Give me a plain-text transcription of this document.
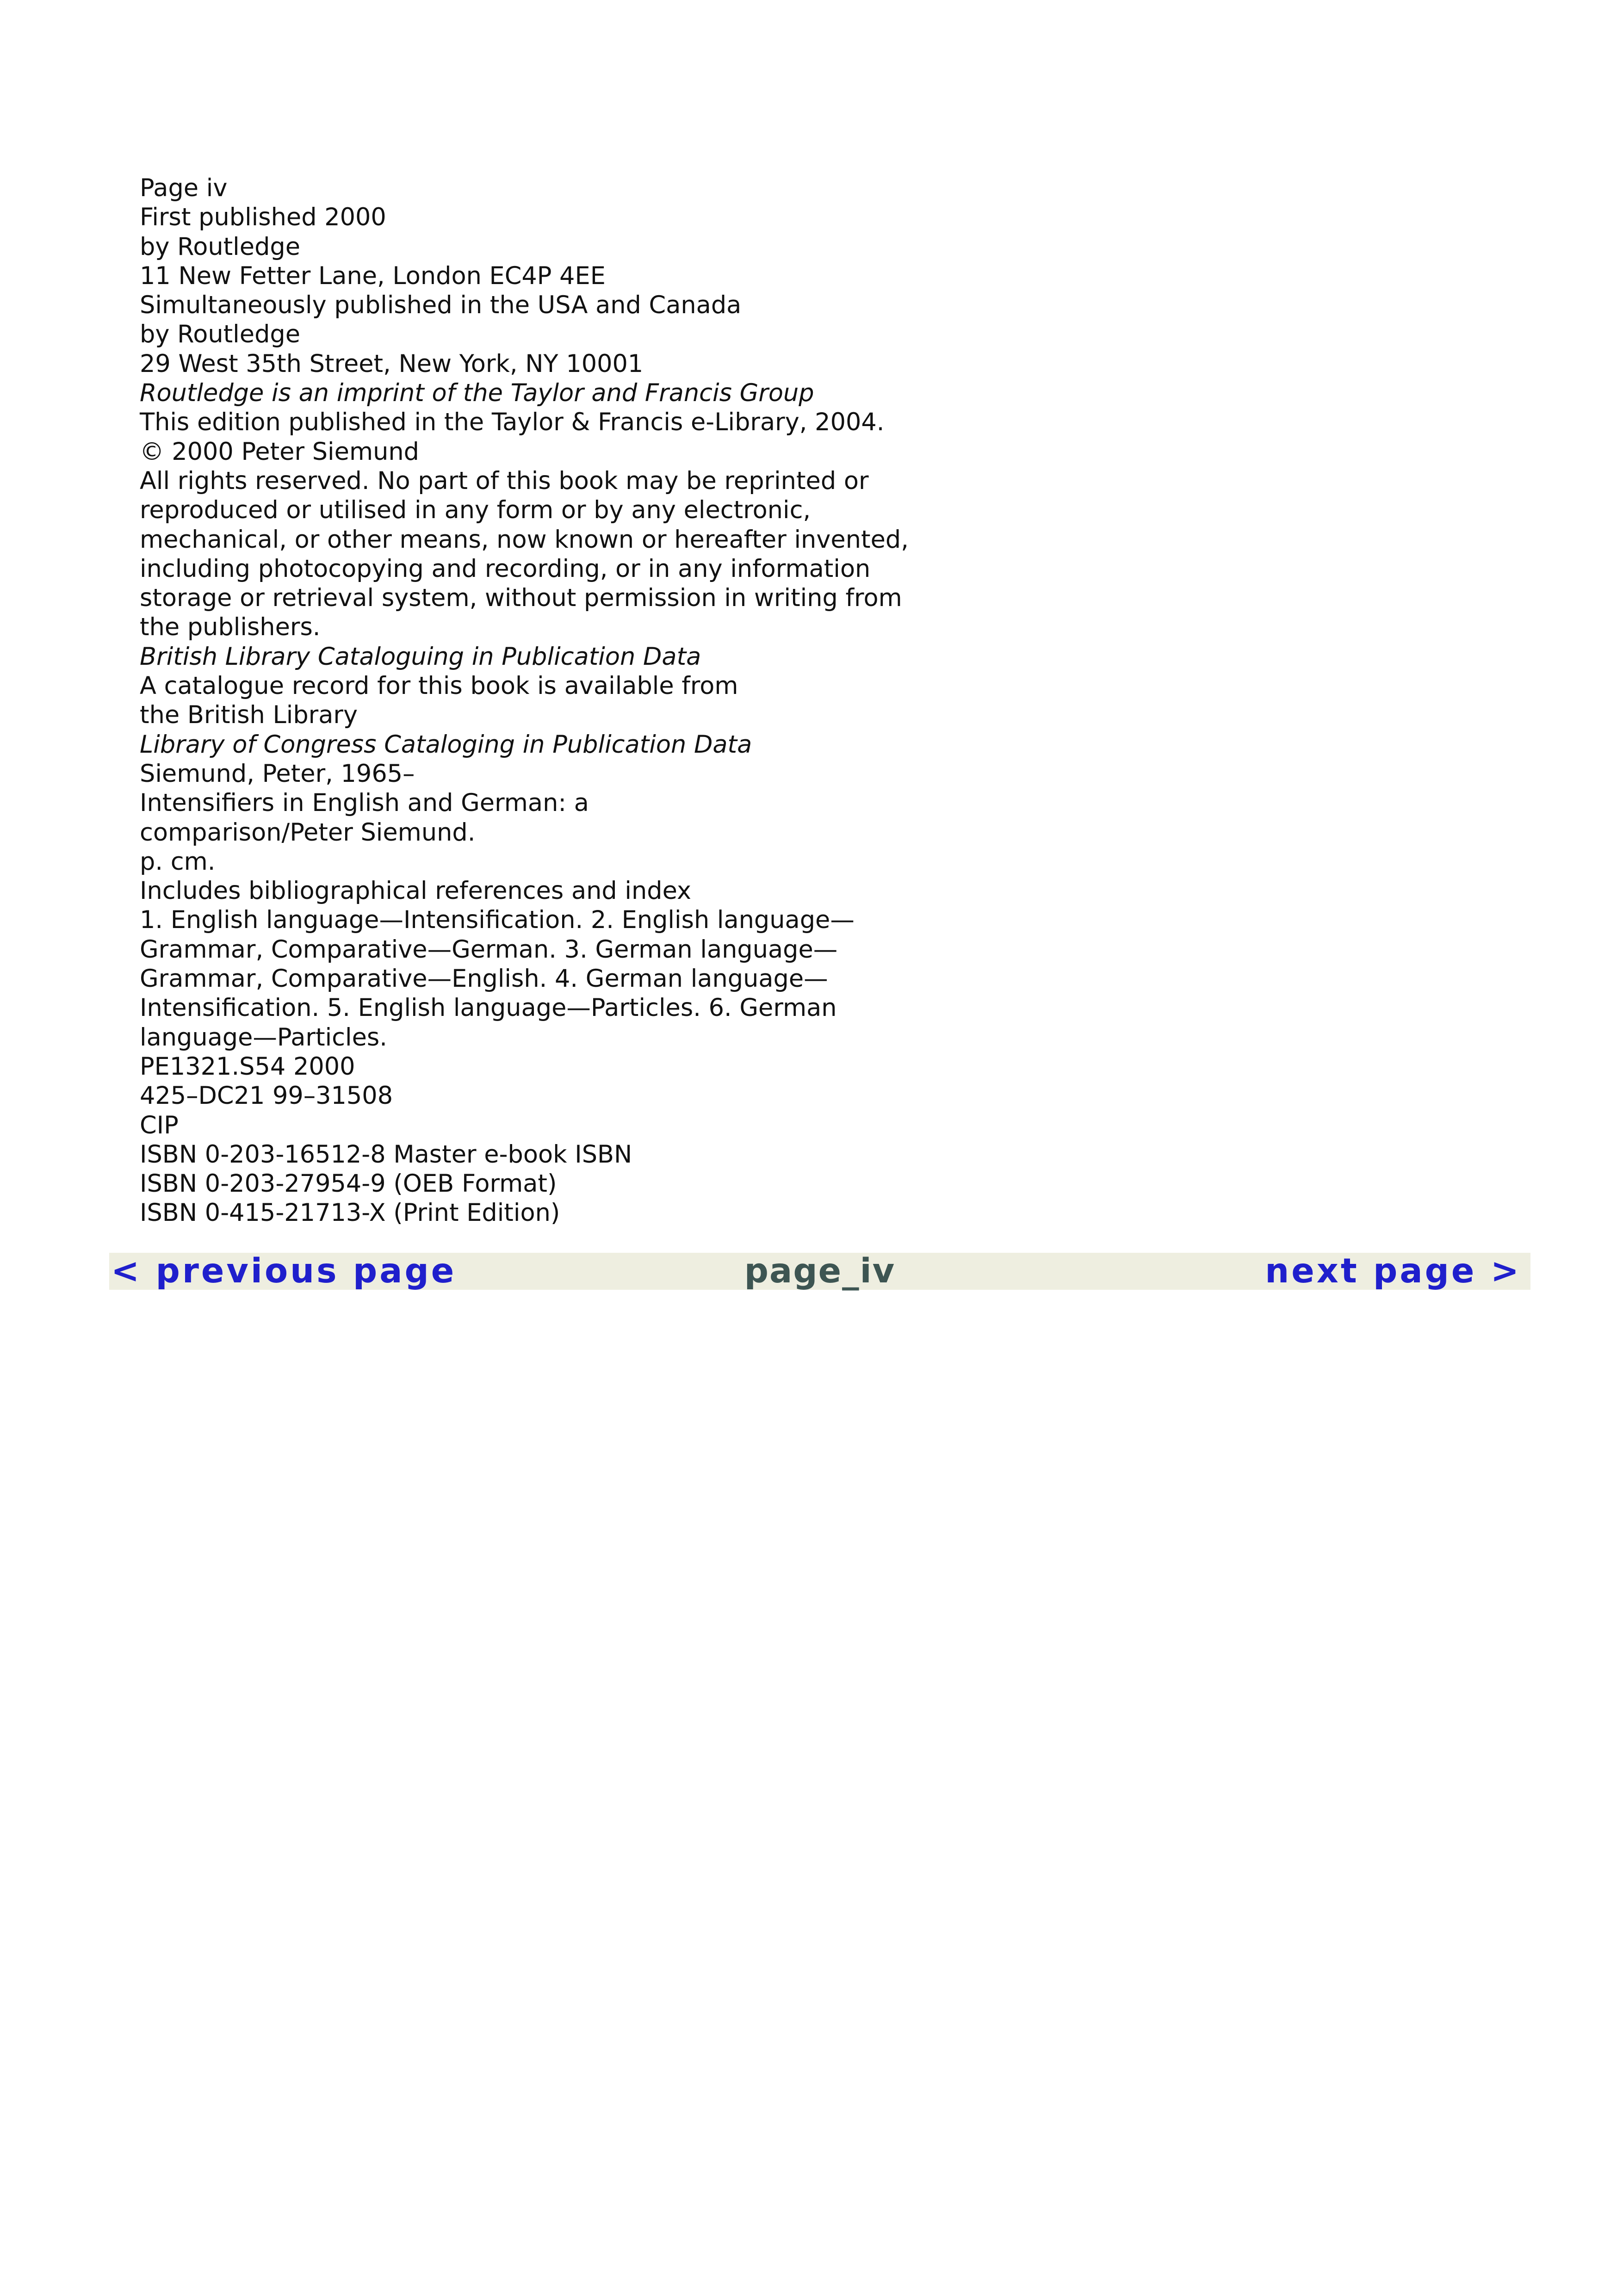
Page iv
First published 2000
by Routledge
11 New Fetter Lane, London EC4P 4EE
Simultaneously published in the USA and Canada
by Routledge
29 West 35th Street, New York, NY 10001
Routledge is an imprint of the Taylor and Francis Group
This edition published in the Taylor & Francis e-Library, 2004.
© 2000 Peter Siemund
All rights reserved. No part of this book may be reprinted or
reproduced or utilised in any form or by any electronic,
mechanical, or other means, now known or hereafter invented,
including photocopying and recording, or in any information
storage or retrieval system, without permission in writing from
the publishers.
British Library Cataloguing in Publication Data
A catalogue record for this book is available from
the British Library
Library of Congress Cataloging in Publication Data
Siemund, Peter, 1965–
Intensifiers in English and German: a
comparison/Peter Siemund.
p. cm.
Includes bibliographical references and index
1. English language—Intensification. 2. English language—
Grammar, Comparative—German. 3. German language—
Grammar, Comparative—English. 4. German language—
Intensification. 5. English language—Particles. 6. German
language—Particles.
PE1321.S54 2000
425–DC21 99–31508
CIP
ISBN 0-203-16512-8 Master e-book ISBN
ISBN 0-203-27954-9 (OEB Format)
ISBN 0-415-21713-X (Print Edition)
< previous page	page_iv	next page >
